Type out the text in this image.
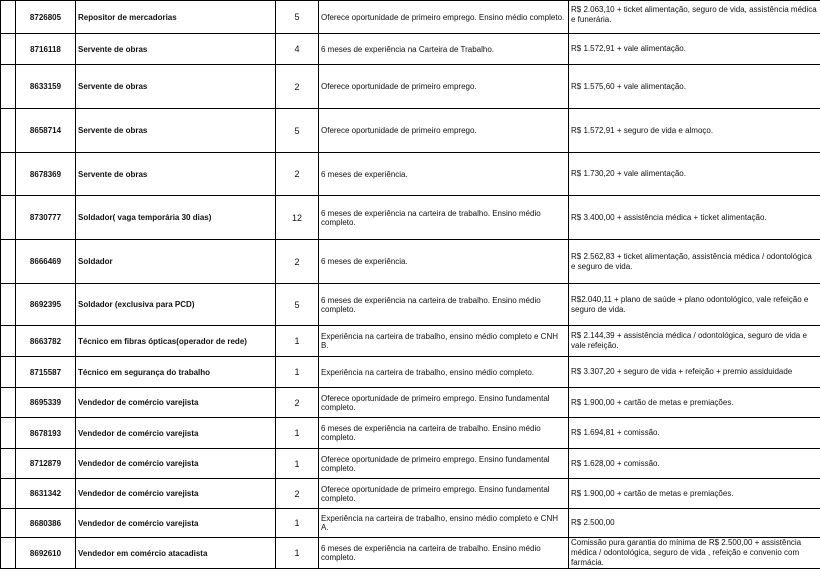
	8726805	Repositor de mercadorias	5	Oferece oportunidade de primeiro emprego. Ensino médio completo.	R$ 2.063,10 + ticket alimentação, seguro de vida, assistência médica e funerária.
	8716118	Servente de obras	4	6 meses de experiência na Carteira de Trabalho.	R$ 1.572,91 + vale alimentação.
	8633159	Servente de obras	2	Oferece oportunidade de primeiro emprego.	R$ 1.575,60 + vale alimentação.
	8658714	Servente de obras	5	Oferece oportunidade de primeiro emprego.	R$ 1.572,91 + seguro de vida e almoço.
	8678369	Servente de obras	2	6 meses de experiência.	R$ 1.730,20 + vale alimentação.
	8730777	Soldador( vaga temporária 30 dias)	12	6 meses de experiência na carteira de trabalho. Ensino médio completo.	R$ 3.400,00 + assistência médica + ticket alimentação.
	8666469	Soldador	2	6 meses de experiência.	R$ 2.562,83 + ticket alimentação, assistência médica / odontológica e seguro de vida.
	8692395	Soldador (exclusiva para PCD)	5	6 meses de experiência na carteira de trabalho. Ensino médio completo.	R$2.040,11 + plano de saúde + plano odontológico, vale refeição e seguro de vida.
	8663782	Técnico em fibras ópticas(operador de rede)	1	Experiência na carteira de trabalho, ensino médio completo e CNH B.	R$ 2.144,39 + assistência médica / odontológica, seguro de vida e vale refeição.
	8715587	Técnico em segurança do trabalho	1	Experiência na carteira de trabalho, ensino médio completo.	R$ 3.307,20 + seguro de vida + refeição + premio assiduidade
	8695339	Vendedor de comércio varejista	2	Oferece oportunidade de primeiro emprego. Ensino fundamental completo.	R$ 1.900,00 + cartão de metas e premiações.
	8678193	Vendedor de comércio varejista	1	6 meses de experiência na carteira de trabalho. Ensino médio completo.	R$ 1.694,81 + comissão.
	8712879	Vendedor de comércio varejista	1	Oferece oportunidade de primeiro emprego. Ensino fundamental completo.	R$ 1.628,00 + comissão.
	8631342	Vendedor de comércio varejista	2	Oferece oportunidade de primeiro emprego. Ensino fundamental completo.	R$ 1.900,00 + cartão de metas e premiações.
	8680386	Vendedor de comércio varejista	1	Experiência na carteira de trabalho, ensino médio completo e CNH A.	R$ 2.500,00
	8692610	Vendedor em comércio atacadista	1	6 meses de experiência na carteira de trabalho. Ensino médio completo.	Comissão pura garantia do mínima de R$ 2.500,00 + assistência médica / odontológica, seguro de vida , refeição e convenio com farmácia.
